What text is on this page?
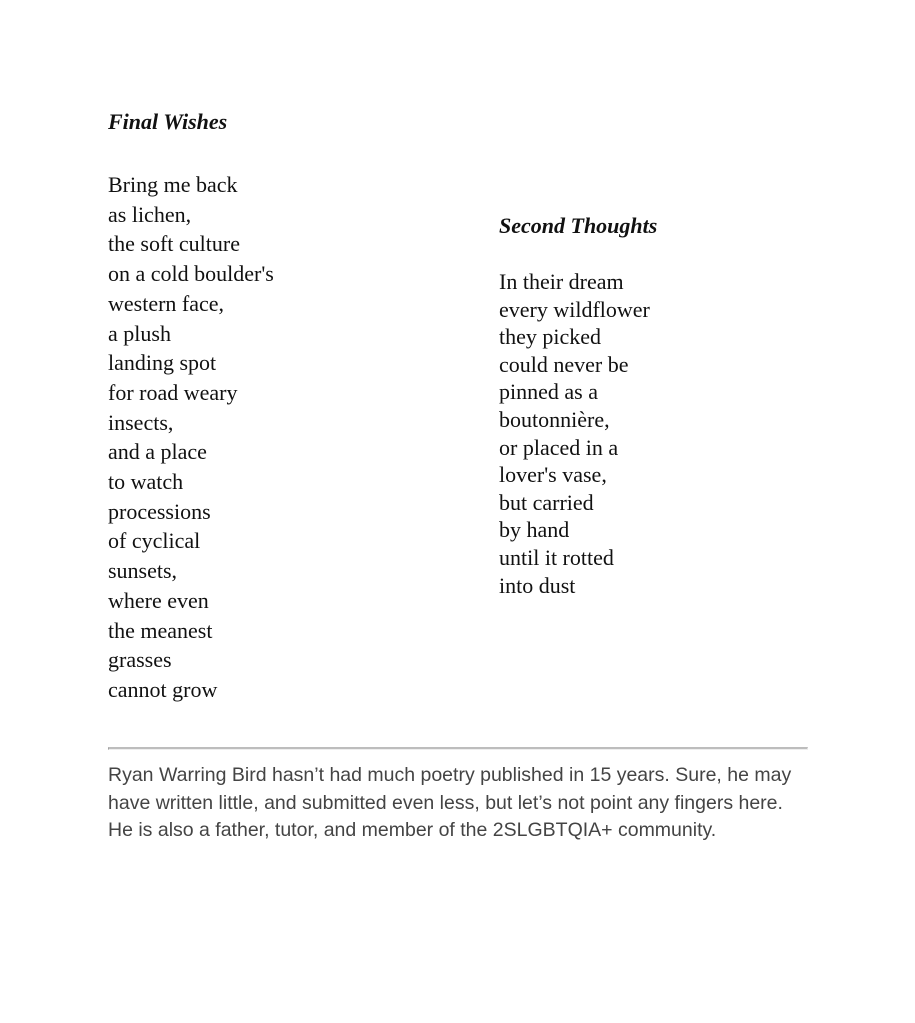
Final Wishes
Bring me back
as lichen,
the soft culture
on a cold boulder's
western face,
a plush
landing spot
for road weary
insects,
and a place
to watch
processions
of cyclical
sunsets,
where even
the meanest
grasses
cannot grow
Second Thoughts
In their dream
every wildflower
they picked
could never be
pinned as a
boutonnière,
or placed in a
lover's vase,
but carried
by hand
until it rotted
into dust

Ryan Warring Bird hasn’t had much poetry published in 15 years. Sure, he may have written little, and submitted even less, but let’s not point any fingers here. He is also a father, tutor, and member of the 2SLGBTQIA+ community.
